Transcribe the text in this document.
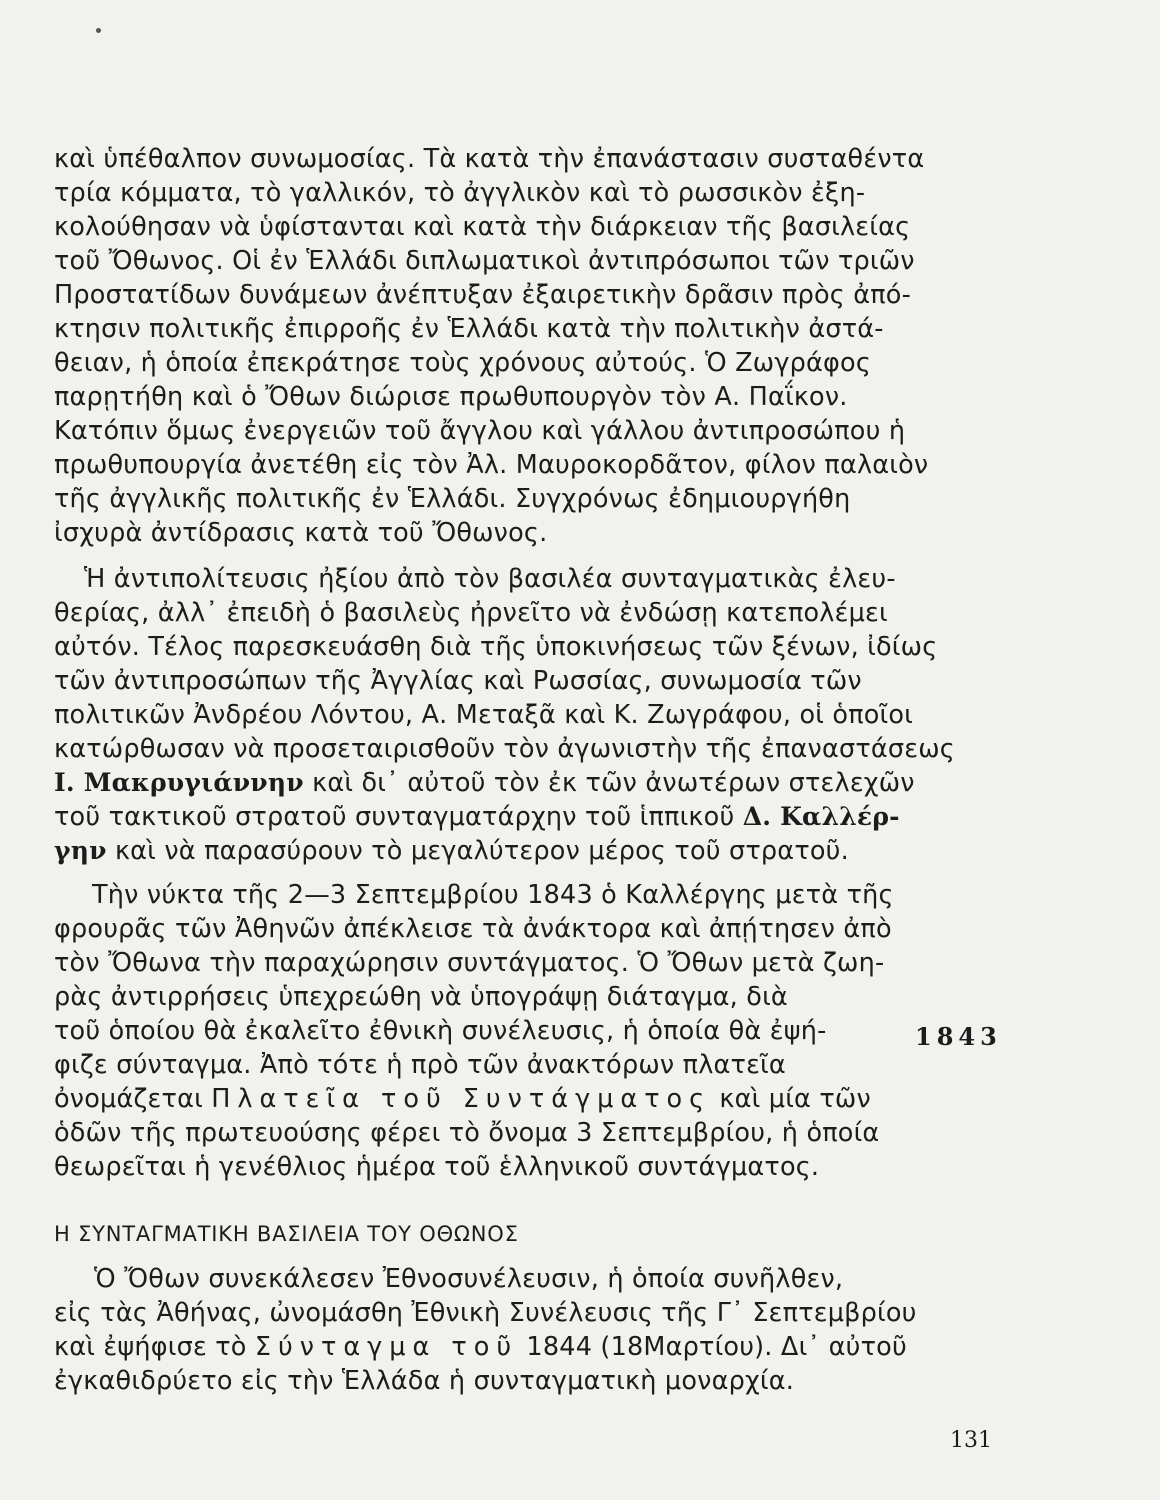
καὶ ὑπέθαλπον συνωμοσίας. Τὰ κατὰ τὴν ἐπανάστασιν συσταθέντα
τρία κόμματα, τὸ γαλλικόν, τὸ ἀγγλικὸν καὶ τὸ ρωσσικὸν ἐξη-
κολούθησαν νὰ ὑφίστανται καὶ κατὰ τὴν διάρκειαν τῆς βασιλείας
τοῦ Ὄθωνος. Οἱ ἐν Ἑλλάδι διπλωματικοὶ ἀντιπρόσωποι τῶν τριῶν
Προστατίδων δυνάμεων ἀνέπτυξαν ἐξαιρετικὴν δρᾶσιν πρὸς ἀπό-
κτησιν πολιτικῆς ἐπιρροῆς ἐν Ἑλλάδι κατὰ τὴν πολιτικὴν ἀστά-
θειαν, ἡ ὁποία ἐπεκράτησε τοὺς χρόνους αὐτούς. Ὁ Ζωγράφος
παρῃτήθη καὶ ὁ Ὄθων διώρισε πρωθυπουργὸν τὸν Α. Παΐκον.
Κατόπιν ὅμως ἐνεργειῶν τοῦ ἄγγλου καὶ γάλλου ἀντιπροσώπου ἡ
πρωθυπουργία ἀνετέθη εἰς τὸν Ἀλ. Μαυροκορδᾶτον, φίλον παλαιὸν
τῆς ἀγγλικῆς πολιτικῆς ἐν Ἑλλάδι. Συγχρόνως ἐδημιουργήθη
ἰσχυρὰ ἀντίδρασις κατὰ τοῦ Ὄθωνος.
Ἡ ἀντιπολίτευσις ἠξίου ἀπὸ τὸν βασιλέα συνταγματικὰς ἐλευ-
θερίας, ἀλλ᾽ ἐπειδὴ ὁ βασιλεὺς ἠρνεῖτο νὰ ἐνδώσῃ κατεπολέμει
αὐτόν. Τέλος παρεσκευάσθη διὰ τῆς ὑποκινήσεως τῶν ξένων, ἰδίως
τῶν ἀντιπροσώπων τῆς Ἀγγλίας καὶ Ρωσσίας, συνωμοσία τῶν
πολιτικῶν Ἀνδρέου Λόντου, Α. Μεταξᾶ καὶ Κ. Ζωγράφου, οἱ ὁποῖοι
κατώρθωσαν νὰ προσεταιρισθοῦν τὸν ἀγωνιστὴν τῆς ἐπαναστάσεως
Ι. Μακρυγιάννην καὶ δι᾽ αὐτοῦ τὸν ἐκ τῶν ἀνωτέρων στελεχῶν
τοῦ τακτικοῦ στρατοῦ συνταγματάρχην τοῦ ἱππικοῦ Δ. Καλλέρ-
γην καὶ νὰ παρασύρουν τὸ μεγαλύτερον μέρος τοῦ στρατοῦ.
Τὴν νύκτα τῆς 2—3 Σεπτεμβρίου 1843 ὁ Καλλέργης μετὰ τῆς
φρουρᾶς τῶν Ἀθηνῶν ἀπέκλεισε τὰ ἀνάκτορα καὶ ἀπῄτησεν ἀπὸ
τὸν Ὄθωνα τὴν παραχώρησιν συντάγματος. Ὁ Ὄθων μετὰ ζωη-
ρὰς ἀντιρρήσεις ὑπεχρεώθη νὰ ὑπογράψῃ διάταγμα, διὰ
τοῦ ὁποίου θὰ ἐκαλεῖτο ἐθνικὴ συνέλευσις, ἡ ὁποία θὰ ἐψή-	1843
φιζε σύνταγμα. Ἀπὸ τότε ἡ πρὸ τῶν ἀνακτόρων πλατεῖα
ὀνομάζεται Πλατεῖα τοῦ Συντάγματος καὶ μία τῶν
ὁδῶν τῆς πρωτευούσης φέρει τὸ ὄνομα 3 Σεπτεμβρίου, ἡ ὁποία
θεωρεῖται ἡ γενέθλιος ἡμέρα τοῦ ἑλληνικοῦ συντάγματος.
Η ΣΥΝΤΑΓΜΑΤΙΚΗ ΒΑΣΙΛΕΙΑ ΤΟΥ ΟΘΩΝΟΣ
Ὁ Ὄθων συνεκάλεσεν Ἐθνοσυνέλευσιν, ἡ ὁποία συνῆλθεν,
εἰς τὰς Ἀθήνας, ὠνομάσθη Ἐθνικὴ Συνέλευσις τῆς Γ᾽ Σεπτεμβρίου
καὶ ἐψήφισε τὸ Σύνταγμα τοῦ 1844 (18Μαρτίου). Δι᾽ αὐτοῦ
ἐγκαθιδρύετο εἰς τὴν Ἑλλάδα ἡ συνταγματικὴ μοναρχία.
131
